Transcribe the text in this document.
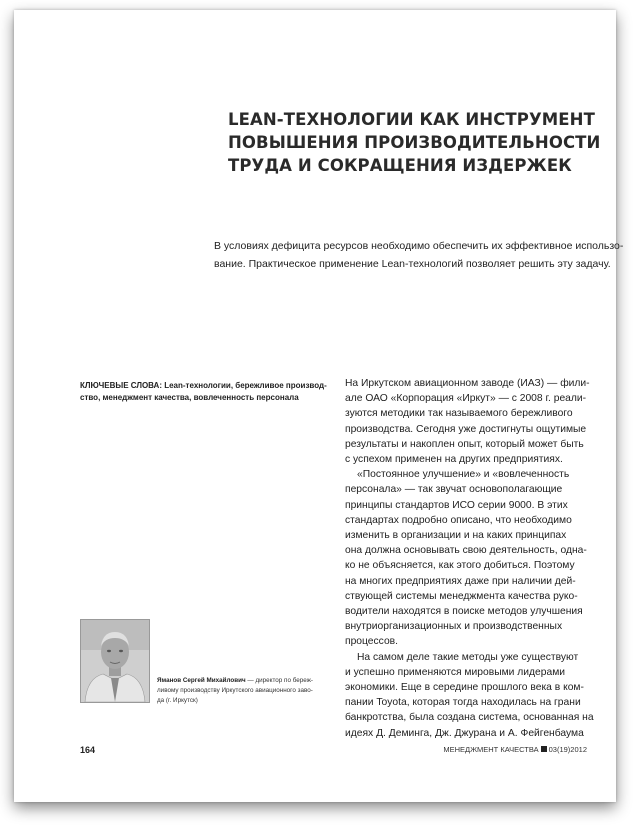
LEAN-ТЕХНОЛОГИИ КАК ИНСТРУМЕНТ
ПОВЫШЕНИЯ ПРОИЗВОДИТЕЛЬНОСТИ
ТРУДА И СОКРАЩЕНИЯ ИЗДЕРЖЕК
В условиях дефицита ресурсов необходимо обеспечить их эффективное использо-
вание. Практическое применение Lean-технологий позволяет решить эту задачу.
КЛЮЧЕВЫЕ СЛОВА: Lean-технологии, бережливое производ-
ство, менеджмент качества, вовлеченность персонала
На Иркутском авиационном заводе (ИАЗ) — фили-
але ОАО «Корпорация «Иркут» — с 2008 г. реали-
зуются методики так называемого бережливого
производства. Сегодня уже достигнуты ощутимые
результаты и накоплен опыт, который может быть
с успехом применен на других предприятиях.
«Постоянное улучшение» и «вовлеченность
персонала» — так звучат основополагающие
принципы стандартов ИСО серии 9000. В этих
стандартах подробно описано, что необходимо
изменить в организации и на каких принципах
она должна основывать свою деятельность, одна-
ко не объясняется, как этого добиться. Поэтому
на многих предприятиях даже при наличии дей-
ствующей системы менеджмента качества руко-
водители находятся в поиске методов улучшения
внутриорганизационных и производственных
процессов.
На самом деле такие методы уже существуют
и успешно применяются мировыми лидерами
экономики. Еще в середине прошлого века в ком-
пании Toyota, которая тогда находилась на грани
банкротства, была создана система, основанная на
идеях Д. Деминга, Дж. Джурана и А. Фейгенбаума
Яманов Сергей Михайлович — директор по береж-
ливому производству Иркутского авиационного заво-
да (г. Иркутск)
164	МЕНЕДЖМЕНТ КАЧЕСТВА 03(19)2012
